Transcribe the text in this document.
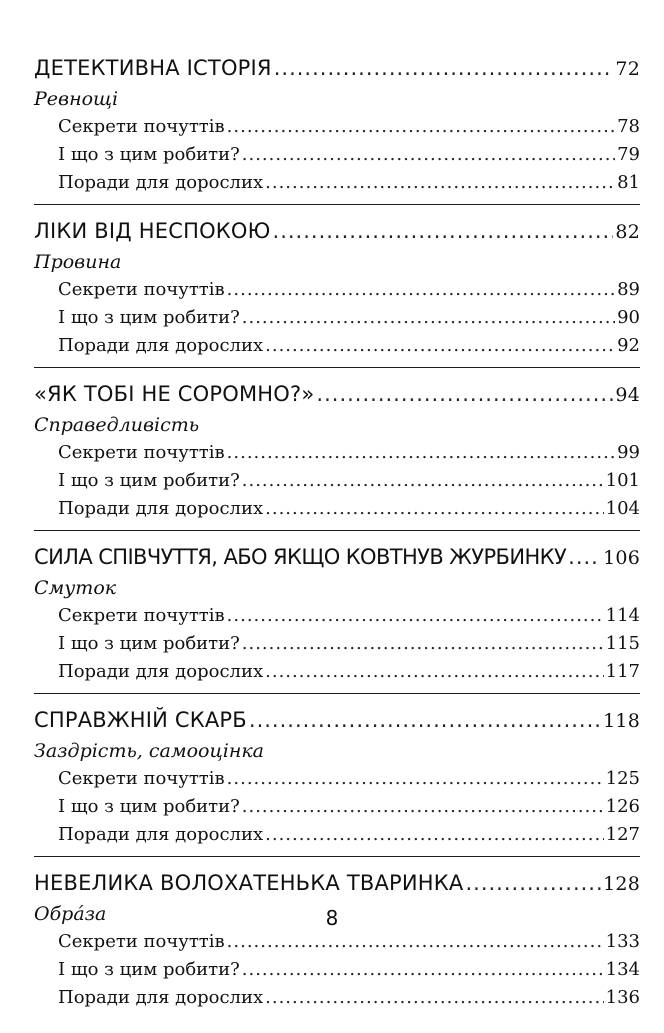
ДЕТЕКТИВНА ІСТОРІЯ .....	72
Ревнощі
Секрети почуттів .....	78
І що з цим робити? .....	79
Поради для дорослих .....	81
ЛІКИ ВІД НЕСПОКОЮ .....	82
Провина
Секрети почуттів .....	89
І що з цим робити? .....	90
Поради для дорослих .....	92
«ЯК ТОБІ НЕ СОРОМНО?» .....	94
Справедливість
Секрети почуттів .....	99
І що з цим робити? .....	101
Поради для дорослих .....	104
СИЛА СПІВЧУТТЯ, АБО ЯКЩО КОВТНУВ ЖУРБИНКУ ..... 106
Смуток
Секрети почуттів .....	114
І що з цим робити? .....	115
Поради для дорослих .....	117
СПРАВЖНІЙ СКАРБ .....	118
Заздрість, самооцінка
Секрети почуттів .....	125
І що з цим робити? .....	126
Поради для дорослих .....	127
НЕВЕЛИКА ВОЛОХАТЕНЬКА ТВАРИНКА .....	128
Обра́за
Секрети почуттів .....	133
І що з цим робити? .....	134
Поради для дорослих .....	136
8
